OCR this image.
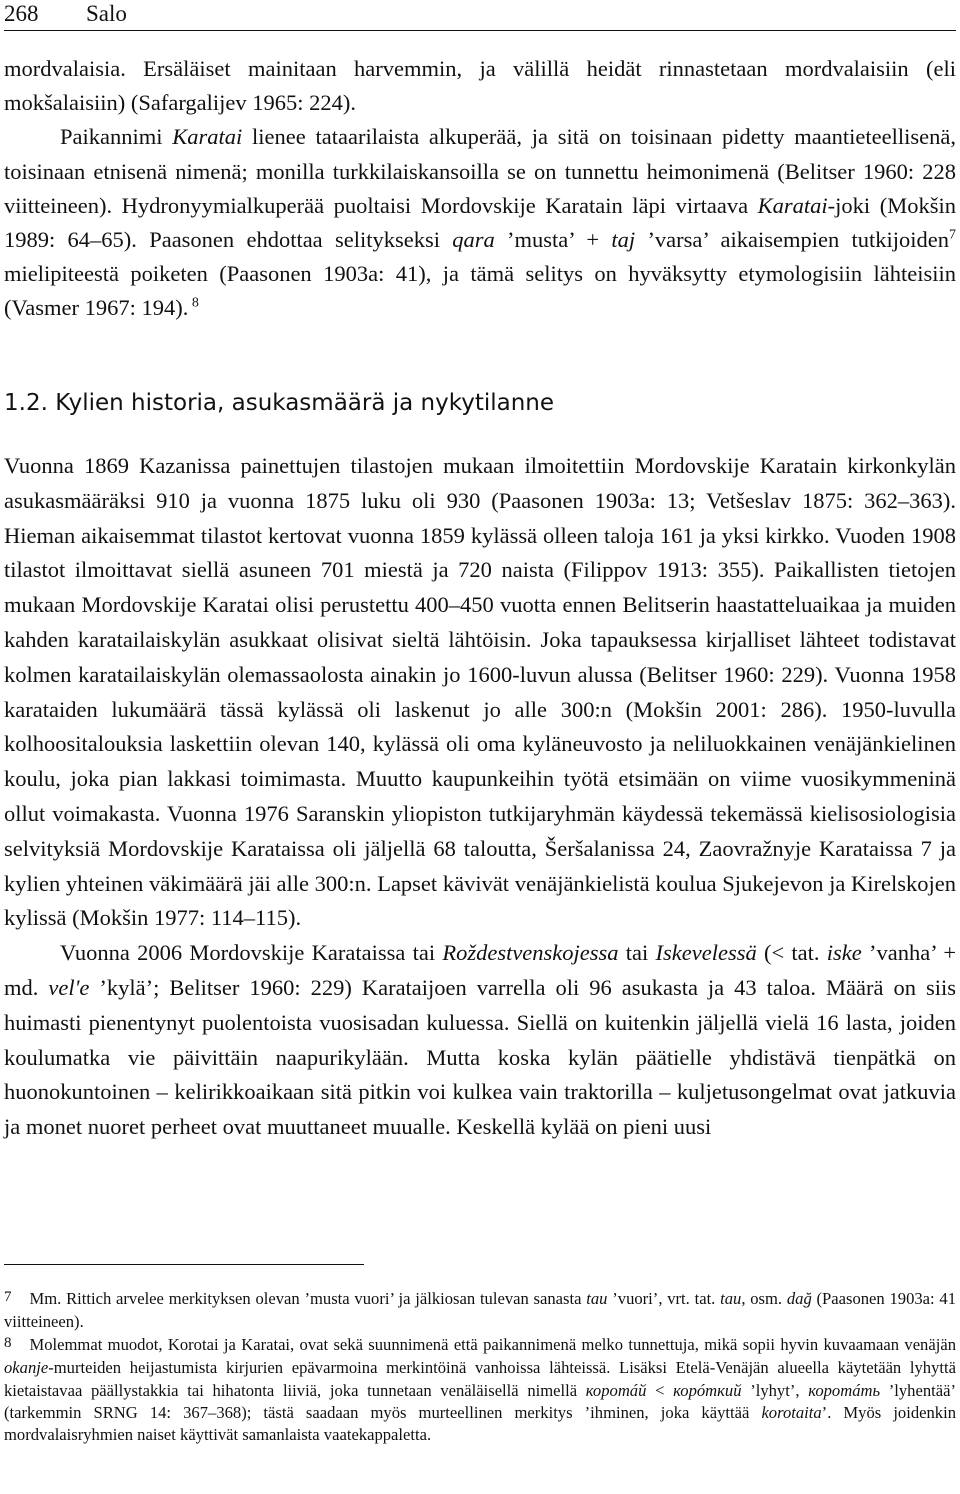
268 Salo

mordvalaisia. Ersäläiset mainitaan harvemmin, ja välillä heidät rinnastetaan mordvalaisiin (eli mokšalaisiin) (Safargalijev 1965: 224).

Paikannimi Karatai lienee tataarilaista alkuperää, ja sitä on toisinaan pidetty maantieteellisenä, toisinaan etnisenä nimenä; monilla turkkilaiskansoilla se on tunnettu heimonimenä (Belitser 1960: 228 viitteineen). Hydronyymialkuperää puoltaisi Mordovskije Karatain läpi virtaava Karatai-joki (Mokšin 1989: 64–65). Paasonen ehdottaa selitykseksi qara ’musta’ + taj ’varsa’ aikaisempien tutkijoiden$^7$ mielipiteestä poiketen (Paasonen 1903a: 41), ja tämä selitys on hyväksytty etymologisiin lähteisiin (Vasmer 1967: 194). $^8$

1.2. Kylien historia, asukasmäärä ja nykytilanne

Vuonna 1869 Kazanissa painettujen tilastojen mukaan ilmoitettiin Mordovskije Karatain kirkonkylän asukasmääräksi 910 ja vuonna 1875 luku oli 930 (Paasonen 1903a: 13; Vetšeslav 1875: 362–363). Hieman aikaisemmat tilastot kertovat vuonna 1859 kylässä olleen taloja 161 ja yksi kirkko. Vuoden 1908 tilastot ilmoittavat siellä asuneen 701 miestä ja 720 naista (Filippov 1913: 355). Paikallisten tietojen mukaan Mordovskije Karatai olisi perustettu 400–450 vuotta ennen Belitserin haastatteluaikaa ja muiden kahden karatailaiskylän asukkaat olisivat sieltä lähtöisin. Joka tapauksessa kirjalliset lähteet todistavat kolmen karatailaiskylän olemassaolosta ainakin jo 1600-luvun alussa (Belitser 1960: 229). Vuonna 1958 karataiden lukumäärä tässä kylässä oli laskenut jo alle 300:n (Mokšin 2001: 286). 1950-luvulla kolhoositalouksia laskettiin olevan 140, kylässä oli oma kyläneuvosto ja neliluokkainen venäjänkielinen koulu, joka pian lakkasi toimimasta. Muutto kaupunkeihin työtä etsimään on viime vuosikymmeninä ollut voimakasta. Vuonna 1976 Saranskin yliopiston tutkijaryhmän käydessä tekemässä kielisosiologisia selvityksiä Mordovskije Karataissa oli jäljellä 68 taloutta, Šeršalanissa 24, Zaovražnyje Karataissa 7 ja kylien yhteinen väkimäärä jäi alle 300:n. Lapset kävivät venäjänkielistä koulua Sjukejevon ja Kirelskojen kylissä (Mokšin 1977: 114–115).

Vuonna 2006 Mordovskije Karataissa tai Roždestvenskojessa tai Iskevelessä (< tat. iske ’vanha’ + md. vel'e ’kylä’; Belitser 1960: 229) Karataijoen varrella oli 96 asukasta ja 43 taloa. Määrä on siis huimasti pienentynyt puolentoista vuosisadan kuluessa. Siellä on kuitenkin jäljellä vielä 16 lasta, joiden koulumatka vie päivittäin naapurikylään. Mutta koska kylän päätielle yhdistävä tienpätkä on huonokuntoinen – kelirikkoaikaan sitä pitkin voi kulkea vain traktorilla – kuljetusongelmat ovat jatkuvia ja monet nuoret perheet ovat muuttaneet muualle. Keskellä kylää on pieni uusi

7 Mm. Rittich arvelee merkityksen olevan ’musta vuori’ ja jälkiosan tulevan sanasta tau ’vuori’, vrt. tat. tau, osm. dağ (Paasonen 1903a: 41 viitteineen).

8 Molemmat muodot, Korotai ja Karatai, ovat sekä suunnimenä että paikannimenä melko tunnettuja, mikä sopii hyvin kuvaamaan venäjän okanje-murteiden heijastumista kirjurien epävarmoina merkintöinä vanhoissa lähteissä. Lisäksi Etelä-Venäjän alueella käytetään lyhyttä kietaistavaa päällystakkia tai hihatonta liiviä, joka tunnetaan venäläisellä nimellä коротáй < корóткий ’lyhyt’, коротáть ’lyhentää’ (tarkemmin SRNG 14: 367–368); tästä saadaan myös murteellinen merkitys ’ihminen, joka käyttää korotaita’. Myös joidenkin mordvalaisryhmien naiset käyttivät samanlaista vaatekappaletta.
